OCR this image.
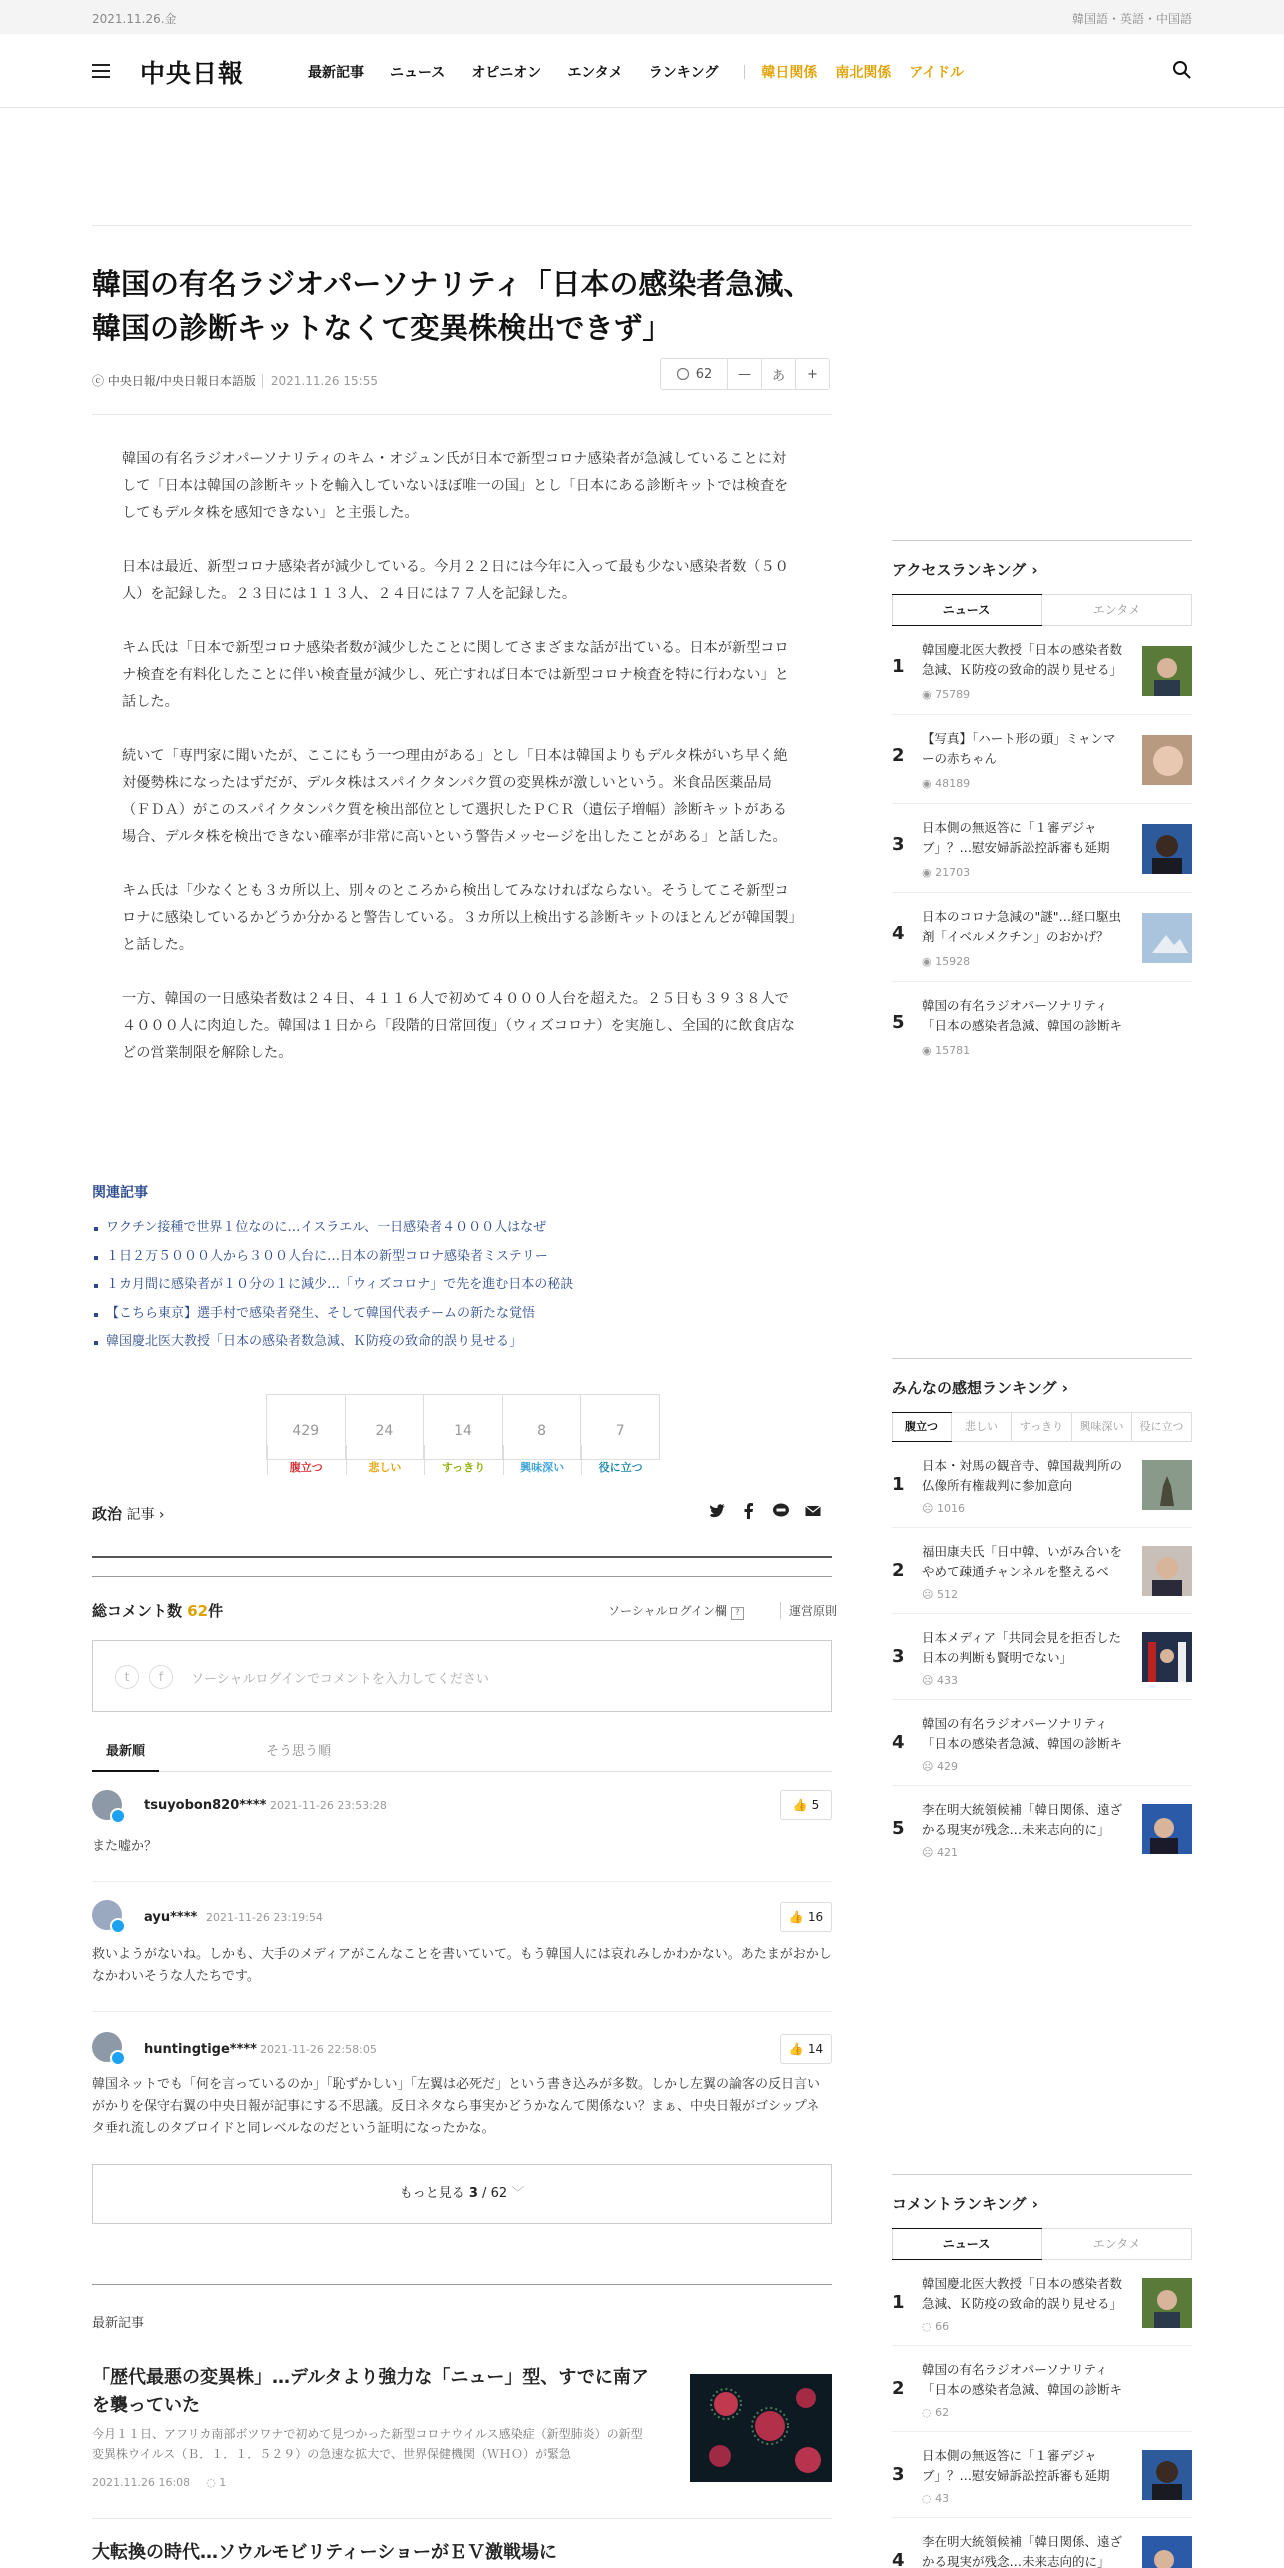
2021.11.26.金	韓国語・英語・中国語
中央日報	最新記事 ニュース オピニオン エンタメ ランキング	韓日関係 南北関係 アイドル
韓国の有名ラジオパーソナリティ「日本の感染者急減、韓国の診断キットなくて変異株検出できず」
ⓒ 中央日報/中央日報日本語版 2021.11.26 15:55	62	—	あ	+

韓国の有名ラジオパーソナリティのキム・オジュン氏が日本で新型コロナ感染者が急減していることに対して「日本は韓国の診断キットを輸入していないほぼ唯一の国」とし「日本にある診断キットでは検査をしてもデルタ株を感知できない」と主張した。

日本は最近、新型コロナ感染者が減少している。今月２２日には今年に入って最も少ない感染者数（５０人）を記録した。２３日には１１３人、２４日には７７人を記録した。

キム氏は「日本で新型コロナ感染者数が減少したことに関してさまざまな話が出ている。日本が新型コロナ検査を有料化したことに伴い検査量が減少し、死亡すれば日本では新型コロナ検査を特に行わない」と話した。

続いて「専門家に聞いたが、ここにもう一つ理由がある」とし「日本は韓国よりもデルタ株がいち早く絶対優勢株になったはずだが、デルタ株はスパイクタンパク質の変異株が激しいという。米食品医薬品局（ＦＤＡ）がこのスパイクタンパク質を検出部位として選択したＰＣＲ（遺伝子増幅）診断キットがある場合、デルタ株を検出できない確率が非常に高いという警告メッセージを出したことがある」と話した。

キム氏は「少なくとも３カ所以上、別々のところから検出してみなければならない。そうしてこそ新型コロナに感染しているかどうか分かると警告している。３カ所以上検出する診断キットのほとんどが韓国製」と話した。

一方、韓国の一日感染者数は２４日、４１１６人で初めて４０００人台を超えた。２５日も３９３８人で４０００人に肉迫した。韓国は１日から「段階的日常回復」（ウィズコロナ）を実施し、全国的に飲食店などの営業制限を解除した。

関連記事
ワクチン接種で世界１位なのに…イスラエル、一日感染者４０００人はなぜ
１日２万５０００人から３００人台に…日本の新型コロナ感染者ミステリー
１カ月間に感染者が１０分の１に減少…「ウィズコロナ」で先を進む日本の秘訣
【こちら東京】選手村で感染者発生、そして韓国代表チームの新たな覚悟
韓国慶北医大教授「日本の感染者数急減、Ｋ防疫の致命的誤り見せる」
429
腹立つ
24
悲しい
14
すっきり
8
興味深い
7
役に立つ
政治 記事 ›
総コメント数 62件	ソーシャルログイン欄 ?	運営原則
t	f	ソーシャルログインでコメントを入力してください
最新順	そう思う順
tsuyobon820**** 2021-11-26 23:53:28	👍 5
また嘘か？
ayu**** 2021-11-26 23:19:54	👍 16
救いようがないね。しかも、大手のメディアがこんなことを書いていて。もう韓国人には哀れみしかわかない。あたまがおかしなかわいそうな人たちです。
huntingtige**** 2021-11-26 22:58:05	👍 14
韓国ネットでも「何を言っているのか」「恥ずかしい」「左翼は必死だ」という書き込みが多数。しかし左翼の論客の反日言いがかりを保守右翼の中央日報が記事にする不思議。反日ネタなら事実かどうかなんて関係ない？まぁ、中央日報がゴシップネタ垂れ流しのタブロイドと同レベルなのだという証明になったかな。
もっと見る 3 / 62 ﹀
最新記事
「歴代最悪の変異株」…デルタより強力な「ニュー」型、すでに南アを襲っていた
今月１１日、アフリカ南部ボツワナで初めて見つかった新型コロナウイルス感染症（新型肺炎）の新型変異株ウイルス（Ｂ．１．１．５２９）の急速な拡大で、世界保健機関（ＷＨＯ）が緊急
2021.11.26 16:08 ◌ 1
大転換の時代…ソウルモビリティーショーがＥＶ激戦場に
アクセスランキング ›
ニュース	エンタメ
1
韓国慶北医大教授「日本の感染者数急減、Ｋ防疫の致命的誤り見せる」
◉ 75789
2
【写真】「ハート形の頭」ミャンマーの赤ちゃん
◉ 48189
3
日本側の無返答に「１審デジャブ」？…慰安婦訴訟控訴審も延期
◉ 21703
4
日本のコロナ急減の"謎"…経口駆虫剤「イベルメクチン」のおかげ？
◉ 15928
5
韓国の有名ラジオパーソナリティ「日本の感染者急減、韓国の診断キ
◉ 15781
みんなの感想ランキング ›
腹立つ	悲しい	すっきり	興味深い	役に立つ
1
日本・対馬の観音寺、韓国裁判所の仏像所有権裁判に参加意向
☹ 1016
2
福田康夫氏「日中韓、いがみ合いをやめて疎通チャンネルを整えるべ
☹ 512
3
日本メディア「共同会見を拒否した日本の判断も賢明でない」
☹ 433
4
韓国の有名ラジオパーソナリティ「日本の感染者急減、韓国の診断キ
☹ 429
5
李在明大統領候補「韓日関係、遠ざかる現実が残念…未来志向的に」
☹ 421
コメントランキング ›
ニュース	エンタメ
1
韓国慶北医大教授「日本の感染者数急減、Ｋ防疫の致命的誤り見せる」
◌ 66
2
韓国の有名ラジオパーソナリティ「日本の感染者急減、韓国の診断キ
◌ 62
3
日本側の無返答に「１審デジャブ」？…慰安婦訴訟控訴審も延期
◌ 43
4
李在明大統領候補「韓日関係、遠ざかる現実が残念…未来志向的に」
